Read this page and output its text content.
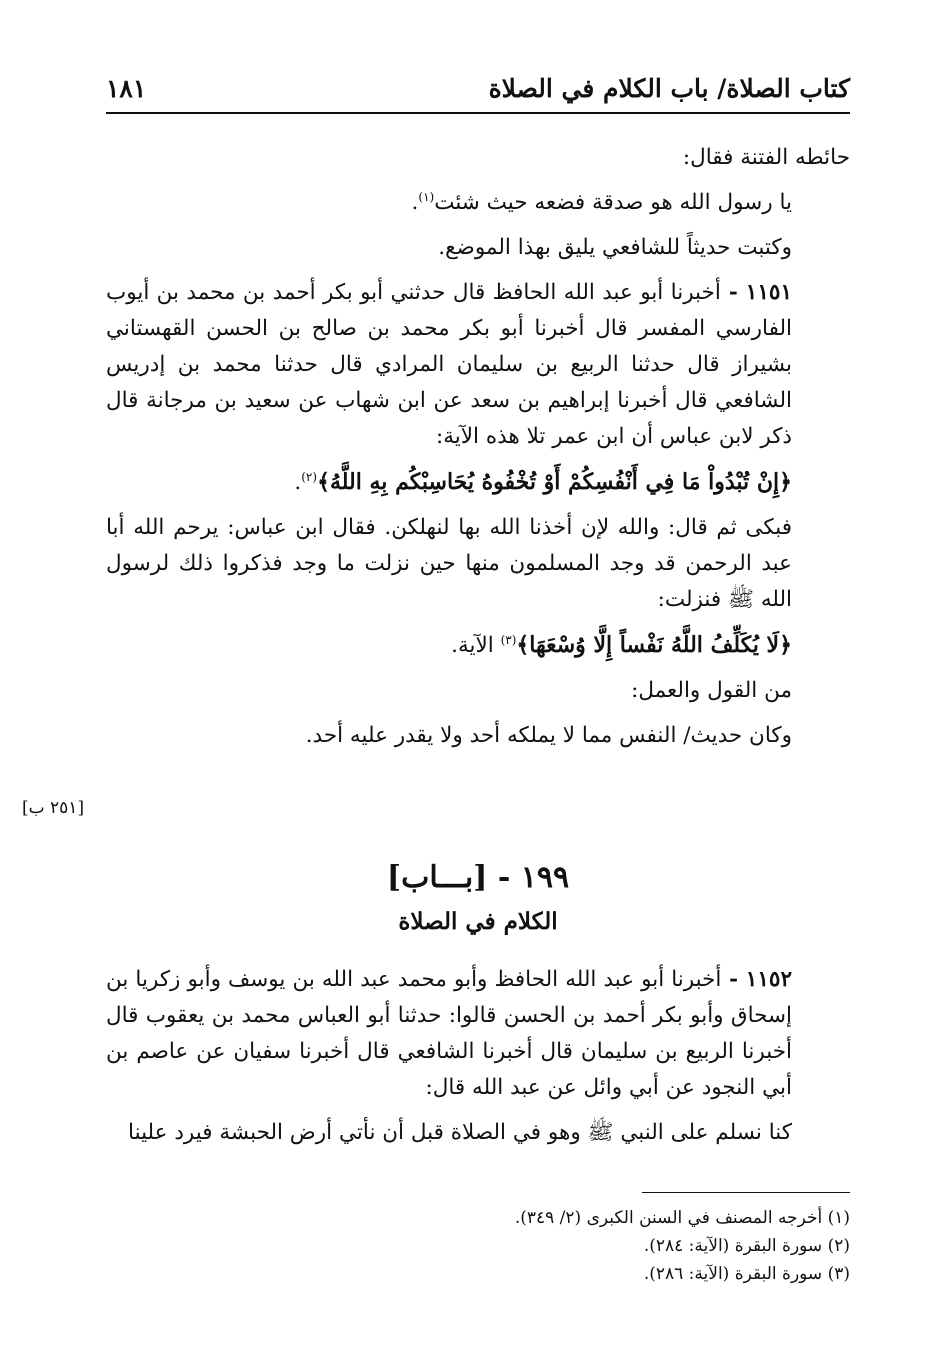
كتاب الصلاة/ باب الكلام في الصلاة
١٨١

حائطه الفتنة فقال:

يا رسول الله هو صدقة فضعه حيث شئت$^{(١)}$.

وكتبت حديثاً للشافعي يليق بهذا الموضع.

١١٥١ - أخبرنا أبو عبد الله الحافظ قال حدثني أبو بكر أحمد بن محمد بن أيوب الفارسي المفسر قال أخبرنا أبو بكر محمد بن صالح بن الحسن القهستاني بشيراز قال حدثنا الربيع بن سليمان المرادي قال حدثنا محمد بن إدريس الشافعي قال أخبرنا إبراهيم بن سعد عن ابن شهاب عن سعيد بن مرجانة قال ذكر لابن عباس أن ابن عمر تلا هذه الآية:

﴿إِنْ تُبْدُواْ مَا فِي أَنْفُسِكُمْ أَوْ تُخْفُوهُ يُحَاسِبْكُم بِهِ اللَّهُ﴾$^{(٢)}$.

فبكى ثم قال: والله لإن أخذنا الله بها لنهلكن. فقال ابن عباس: يرحم الله أبا عبد الرحمن قد وجد المسلمون منها حين نزلت ما وجد فذكروا ذلك لرسول الله ﷺ فنزلت:

﴿لَا يُكَلِّفُ اللَّهُ نَفْساً إِلَّا وُسْعَهَا﴾$^{(٣)}$ الآية.

من القول والعمل:

وكان حديث/ النفس مما لا يملكه أحد ولا يقدر عليه أحد.

[٢٥١ ب]
١٩٩ - [بـــاب]
الكلام في الصلاة

١١٥٢ - أخبرنا أبو عبد الله الحافظ وأبو محمد عبد الله بن يوسف وأبو زكريا بن إسحاق وأبو بكر أحمد بن الحسن قالوا: حدثنا أبو العباس محمد بن يعقوب قال أخبرنا الربيع بن سليمان قال أخبرنا الشافعي قال أخبرنا سفيان عن عاصم بن أبي النجود عن أبي وائل عن عبد الله قال:

كنا نسلم على النبي ﷺ وهو في الصلاة قبل أن نأتي أرض الحبشة فيرد علينا

(١) أخرجه المصنف في السنن الكبرى (٢/ ٣٤٩).
(٢) سورة البقرة (الآية: ٢٨٤).
(٣) سورة البقرة (الآية: ٢٨٦).
